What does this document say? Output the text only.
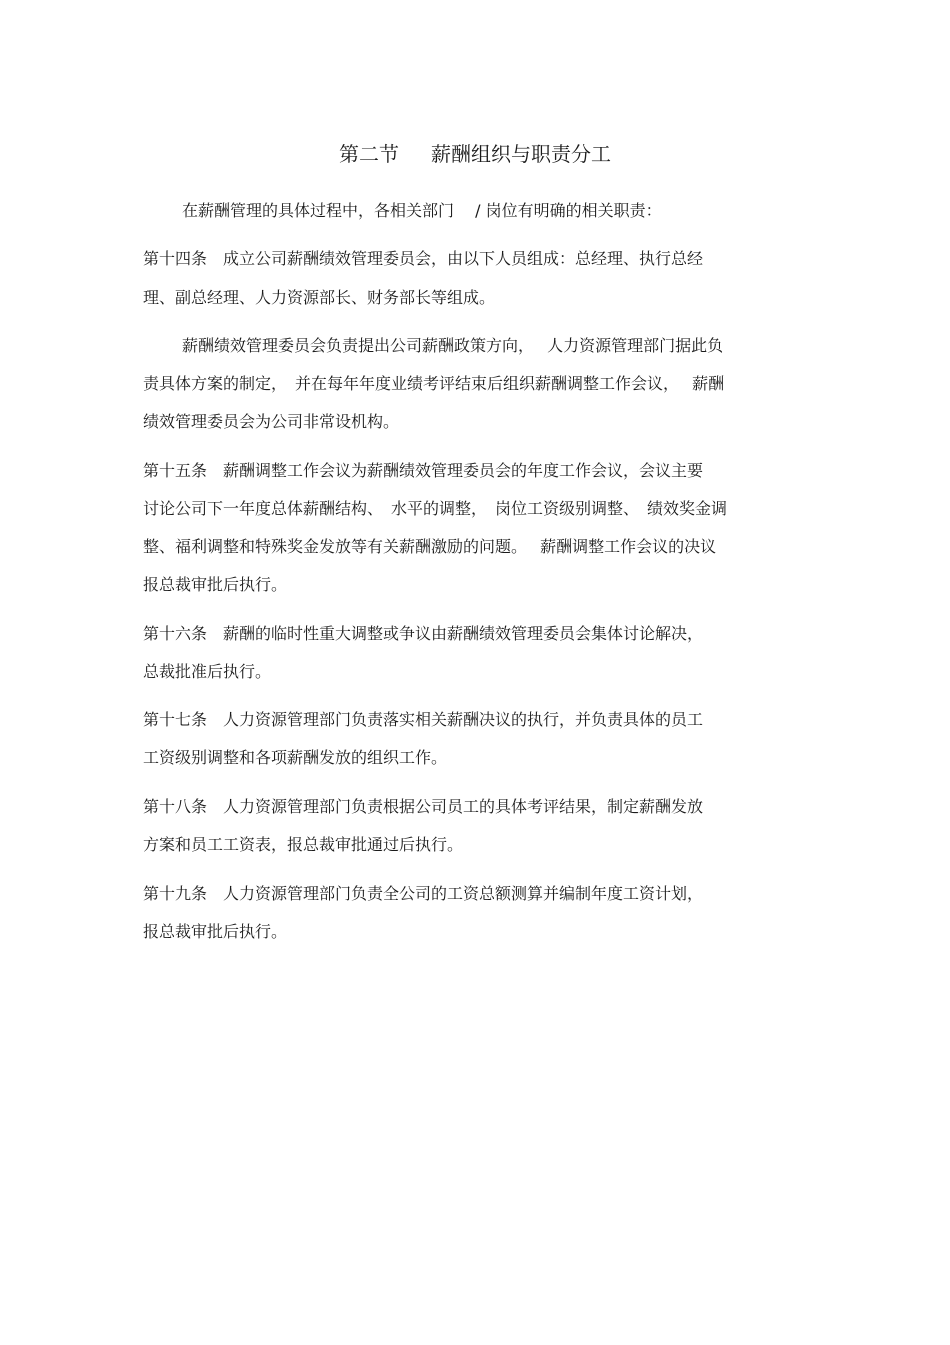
第二节 薪酬组织与职责分工
在薪酬管理的具体过程中，各相关部门　 / 岗位有明确的相关职责：
第十四条　成立公司薪酬绩效管理委员会，由以下人员组成：总经理、执行总经
理、副总经理、人力资源部长、财务部长等组成。
薪酬绩效管理委员会负责提出公司薪酬政策方向，　 人力资源管理部门据此负
责具体方案的制定，　并在每年年度业绩考评结束后组织薪酬调整工作会议，　 薪酬
绩效管理委员会为公司非常设机构。
第十五条　薪酬调整工作会议为薪酬绩效管理委员会的年度工作会议，会议主要
讨论公司下一年度总体薪酬结构、　水平的调整，　岗位工资级别调整、　绩效奖金调
整、福利调整和特殊奖金发放等有关薪酬激励的问题。　 薪酬调整工作会议的决议
报总裁审批后执行。
第十六条　薪酬的临时性重大调整或争议由薪酬绩效管理委员会集体讨论解决，
总裁批准后执行。
第十七条　人力资源管理部门负责落实相关薪酬决议的执行，并负责具体的员工
工资级别调整和各项薪酬发放的组织工作。
第十八条　人力资源管理部门负责根据公司员工的具体考评结果，制定薪酬发放
方案和员工工资表，报总裁审批通过后执行。
第十九条　人力资源管理部门负责全公司的工资总额测算并编制年度工资计划，
报总裁审批后执行。
